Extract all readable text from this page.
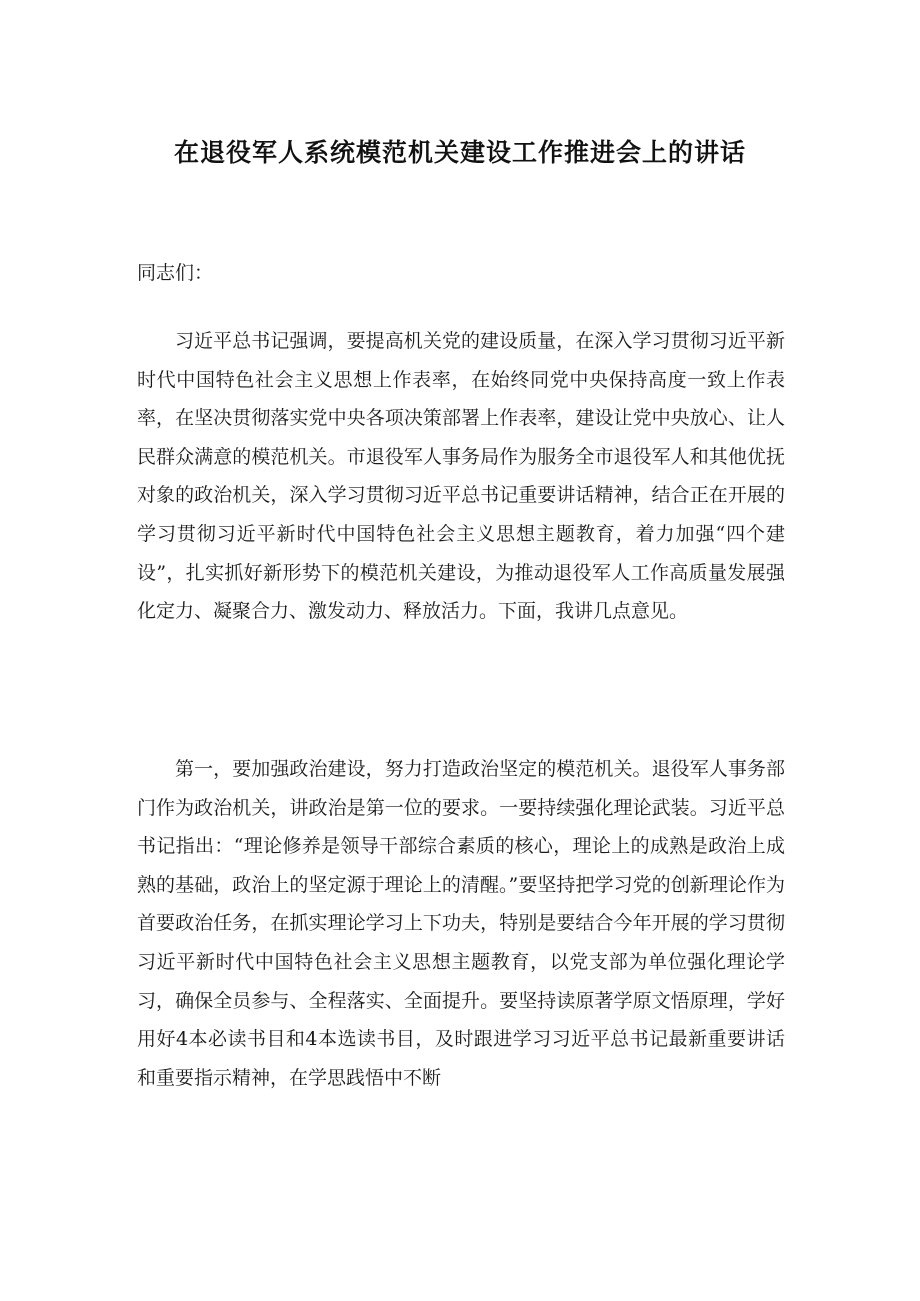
在退役军人系统模范机关建设工作推进会上的讲话
同志们：

习近平总书记强调，要提高机关党的建设质量，在深入学习贯彻习近平新时代中国特色社会主义思想上作表率，在始终同党中央保持高度一致上作表率，在坚决贯彻落实党中央各项决策部署上作表率，建设让党中央放心、让人民群众满意的模范机关。市退役军人事务局作为服务全市退役军人和其他优抚对象的政治机关，深入学习贯彻习近平总书记重要讲话精神，结合正在开展的学习贯彻习近平新时代中国特色社会主义思想主题教育，着力加强“四个建设”，扎实抓好新形势下的模范机关建设，为推动退役军人工作高质量发展强化定力、凝聚合力、激发动力、释放活力。下面，我讲几点意见。

第一，要加强政治建设，努力打造政治坚定的模范机关。退役军人事务部门作为政治机关，讲政治是第一位的要求。一要持续强化理论武装。习近平总书记指出：“理论修养是领导干部综合素质的核心，理论上的成熟是政治上成熟的基础，政治上的坚定源于理论上的清醒。”要坚持把学习党的创新理论作为首要政治任务，在抓实理论学习上下功夫，特别是要结合今年开展的学习贯彻习近平新时代中国特色社会主义思想主题教育，以党支部为单位强化理论学习，确保全员参与、全程落实、全面提升。要坚持读原著学原文悟原理，学好用好4本必读书目和4本选读书目，及时跟进学习习近平总书记最新重要讲话和重要指示精神，在学思践悟中不断
